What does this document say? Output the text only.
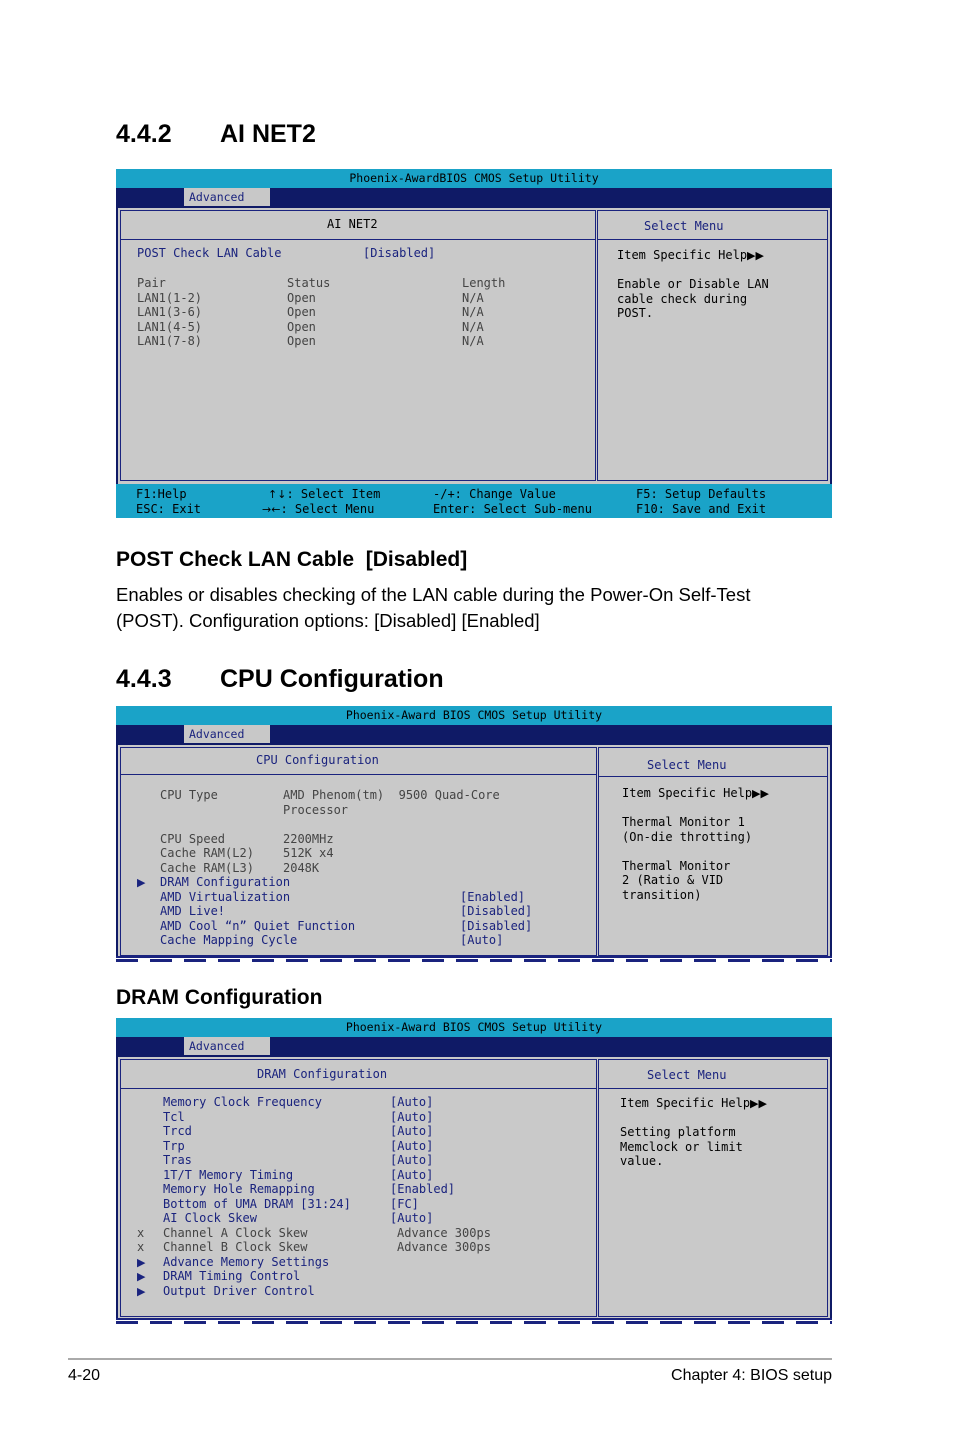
4.4.2 AI NET2
Phoenix-AwardBIOS CMOS Setup Utility
Advanced
AI NET2
POST Check LAN Cable	[Disabled]
Pair	Status	Length
LAN1(1-2)	Open	N/A
LAN1(3-6)	Open	N/A
LAN1(4-5)	Open	N/A
LAN1(7-8)	Open	N/A
Select Menu
Item Specific Help▶▶
Enable or Disable LAN
cable check during
POST.
F1:Help
ESC: Exit
↑↓: Select Item
→←: Select Menu
-/+: Change Value
Enter: Select Sub-menu
F5: Setup Defaults
F10: Save and Exit
POST Check LAN Cable  [Disabled]
Enables or disables checking of the LAN cable during the Power-On Self-Test
(POST). Configuration options: [Disabled] [Enabled]
4.4.3 CPU Configuration
Phoenix-Award BIOS CMOS Setup Utility
Advanced
CPU Configuration
CPU Type	AMD Phenom(tm)  9500 Quad-Core
Processor
CPU Speed	2200MHz
Cache RAM(L2) 512K x4
Cache RAM(L3) 2048K
▶ DRAM Configuration
AMD Virtualization	[Enabled]
AMD Live!	[Disabled]
AMD Cool “n” Quiet Function	[Disabled]
Cache Mapping Cycle	[Auto]
Select Menu
Item Specific Help▶▶
Thermal Monitor 1
(On-die throtting)
Thermal Monitor
2 (Ratio & VID
transition)
DRAM Configuration
Phoenix-Award BIOS CMOS Setup Utility
Advanced
DRAM Configuration
Memory Clock Frequency	[Auto]
Tcl	[Auto]
Trcd	[Auto]
Trp	[Auto]
Tras	[Auto]
1T/T Memory Timing	[Auto]
Memory Hole Remapping	[Enabled]
Bottom of UMA DRAM [31:24]	[FC]
AI Clock Skew	[Auto]
x Channel A Clock Skew	Advance 300ps
x Channel B Clock Skew	Advance 300ps
▶ Advance Memory Settings
▶ DRAM Timing Control
▶ Output Driver Control
Select Menu
Item Specific Help▶▶
Setting platform
Memclock or limit
value.
4-20	Chapter 4: BIOS setup
